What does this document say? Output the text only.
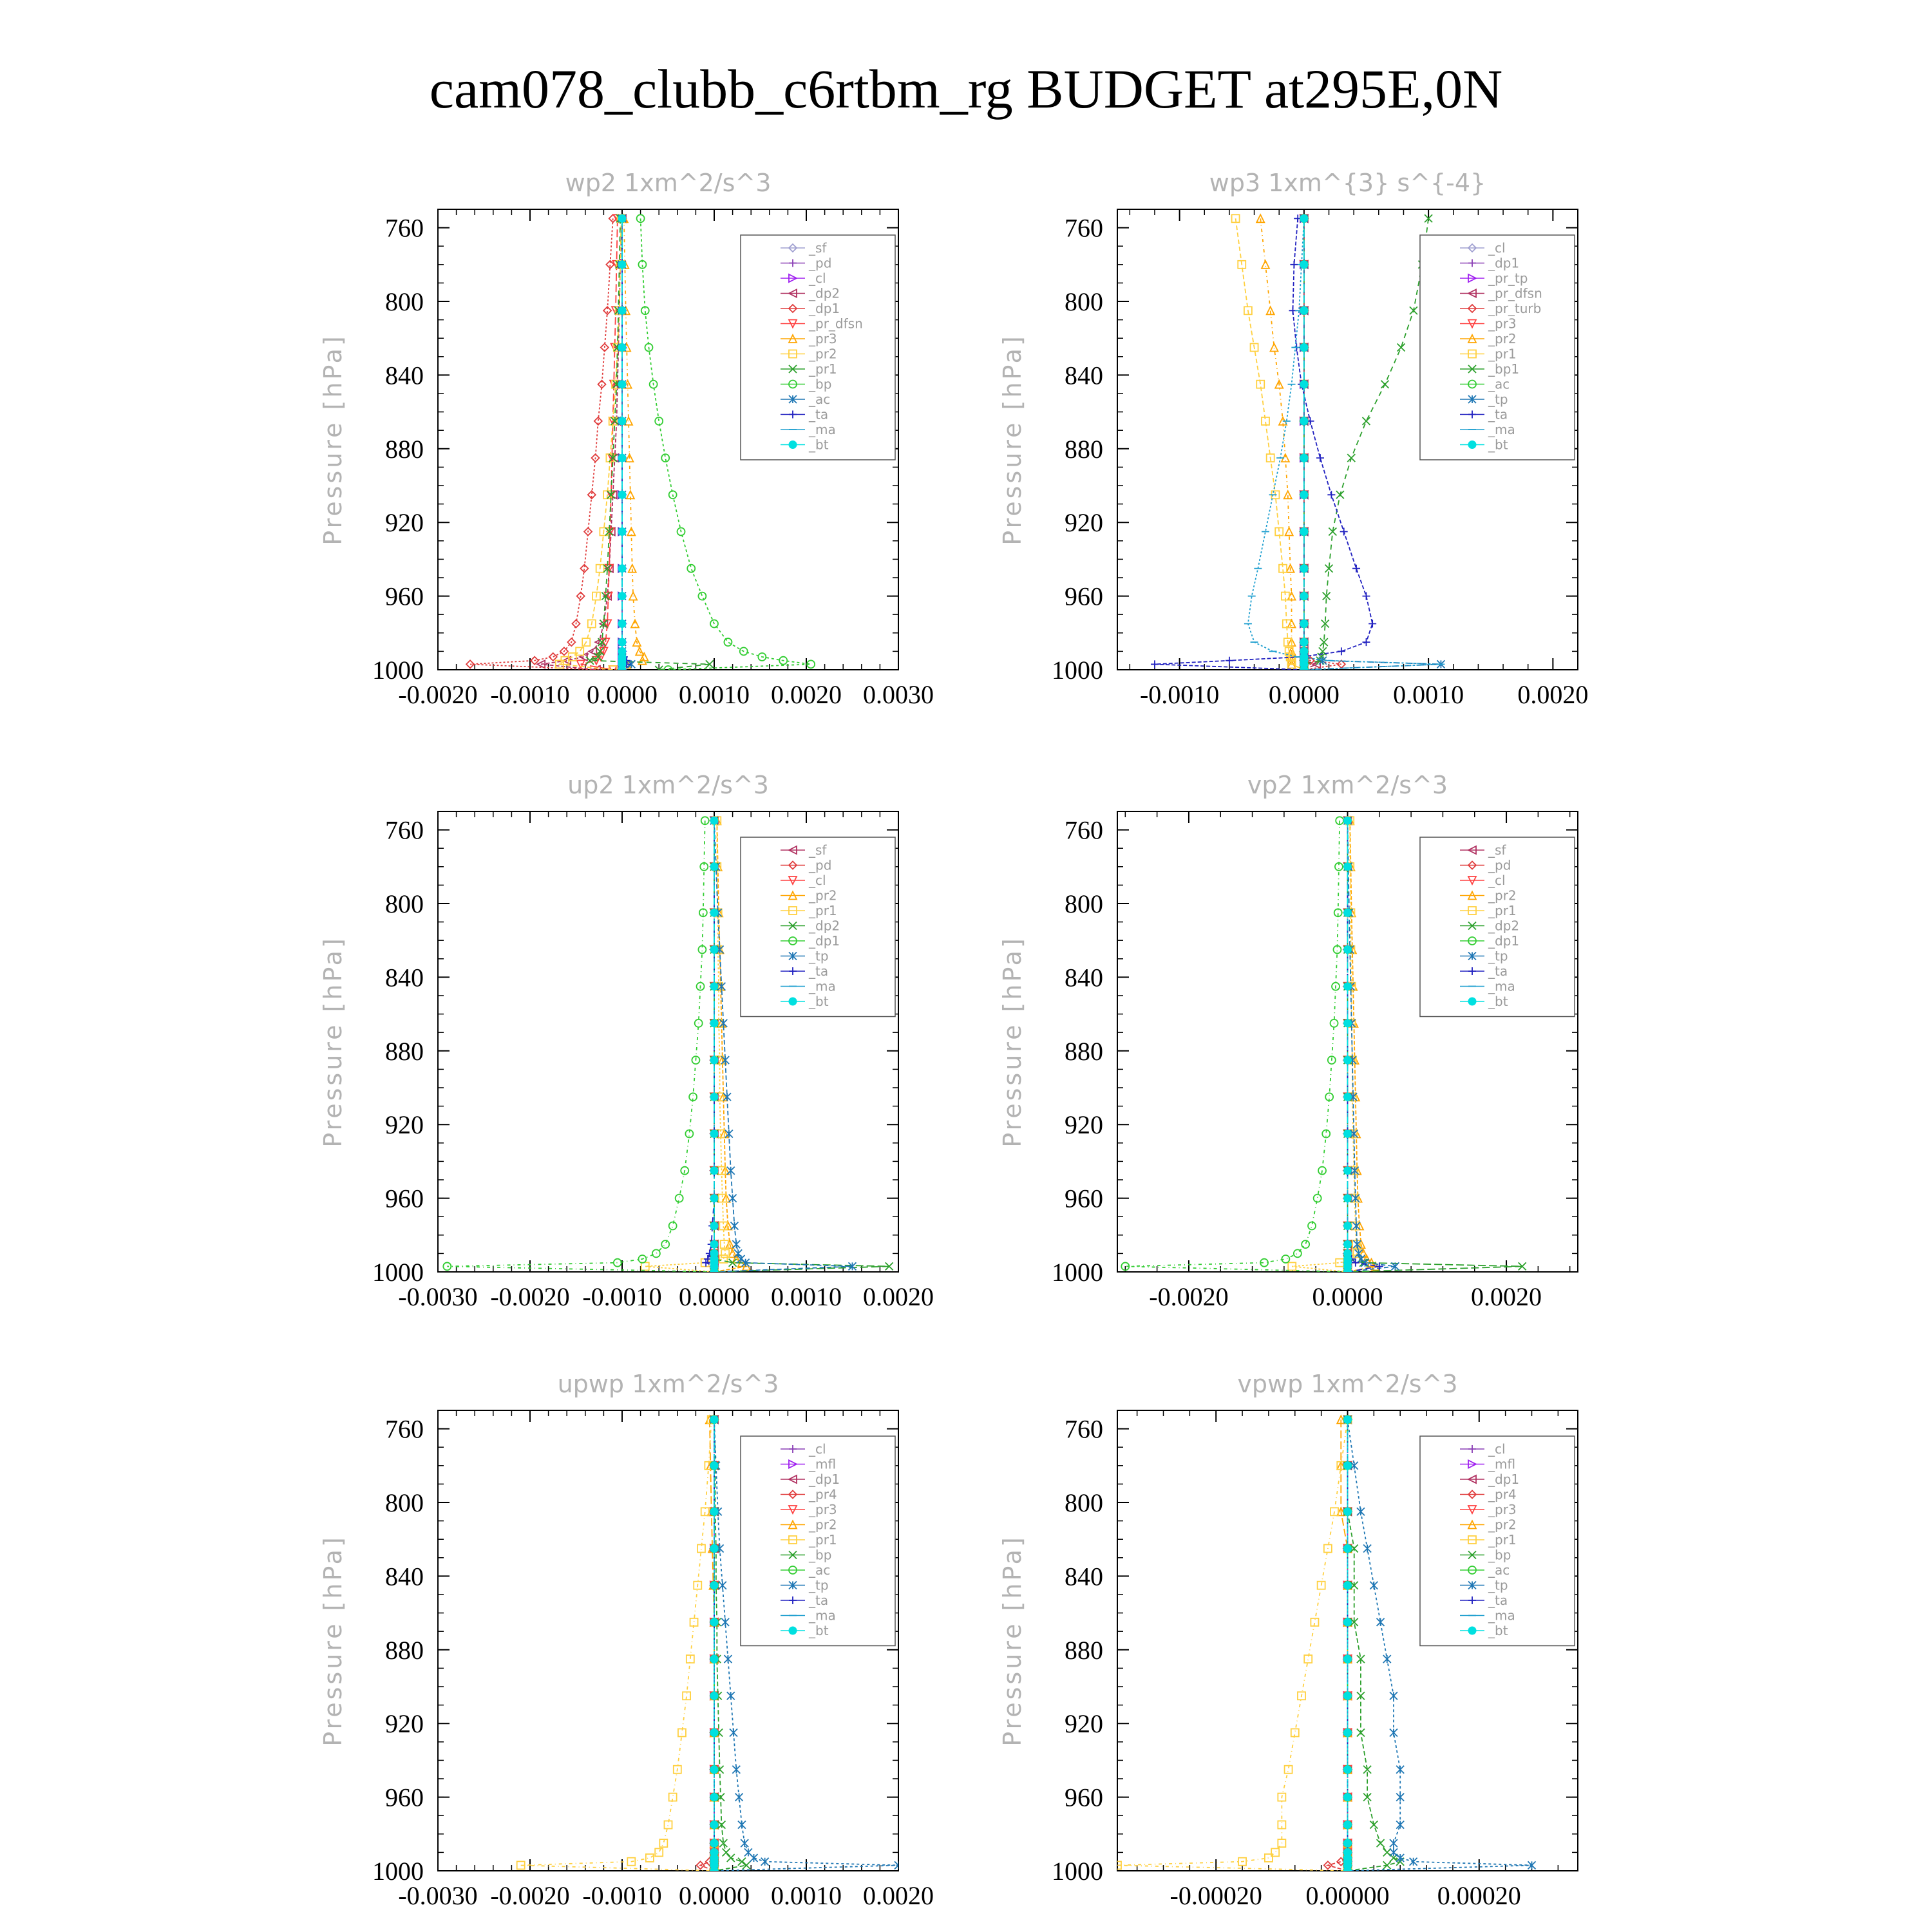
cam078_clubb_c6rtbm_rg BUDGET at295E,0N
wp2 1xm^2/s^3
Pressure [hPa]
760
800
840
880
920
960
1000
-0.0020 -0.0010 0.0000 0.0010 0.0020 0.0030
_sf
_pd
_cl
_dp2
_dp1
_pr_dfsn
_pr3
_pr2
_pr1
_bp
_ac
_ta
_ma
_bt
wp3 1xm^{3} s^{-4}
Pressure [hPa]
760
800
840
880
920
960
1000
-0.0010 0.0000 0.0010 0.0020
_cl
_dp1
_pr_tp
_pr_dfsn
_pr_turb
_pr3
_pr2
_pr1
_bp1
_ac
_tp
_ta
_ma
_bt
up2 1xm^2/s^3
Pressure [hPa]
760
800
840
880
920
960
1000
-0.0030 -0.0020 -0.0010 0.0000 0.0010 0.0020
_sf
_pd
_cl
_pr2
_pr1
_dp2
_dp1
_tp
_ta
_ma
_bt
vp2 1xm^2/s^3
Pressure [hPa]
760
800
840
880
920
960
1000
-0.0020	0.0000	0.0020
_sf
_pd
_cl
_pr2
_pr1
_dp2
_dp1
_tp
_ta
_ma
_bt
upwp 1xm^2/s^3
Pressure [hPa]
760
800
840
880
920
960
1000
-0.0030 -0.0020 -0.0010 0.0000 0.0010 0.0020
_cl
_mfl
_dp1
_pr4
_pr3
_pr2
_pr1
_bp
_ac
_tp
_ta
_ma
_bt
vpwp 1xm^2/s^3
Pressure [hPa]
760
800
840
880
920
960
1000
-0.00020 0.00000 0.00020
_cl
_mfl
_dp1
_pr4
_pr3
_pr2
_pr1
_bp
_ac
_tp
_ta
_ma
_bt
